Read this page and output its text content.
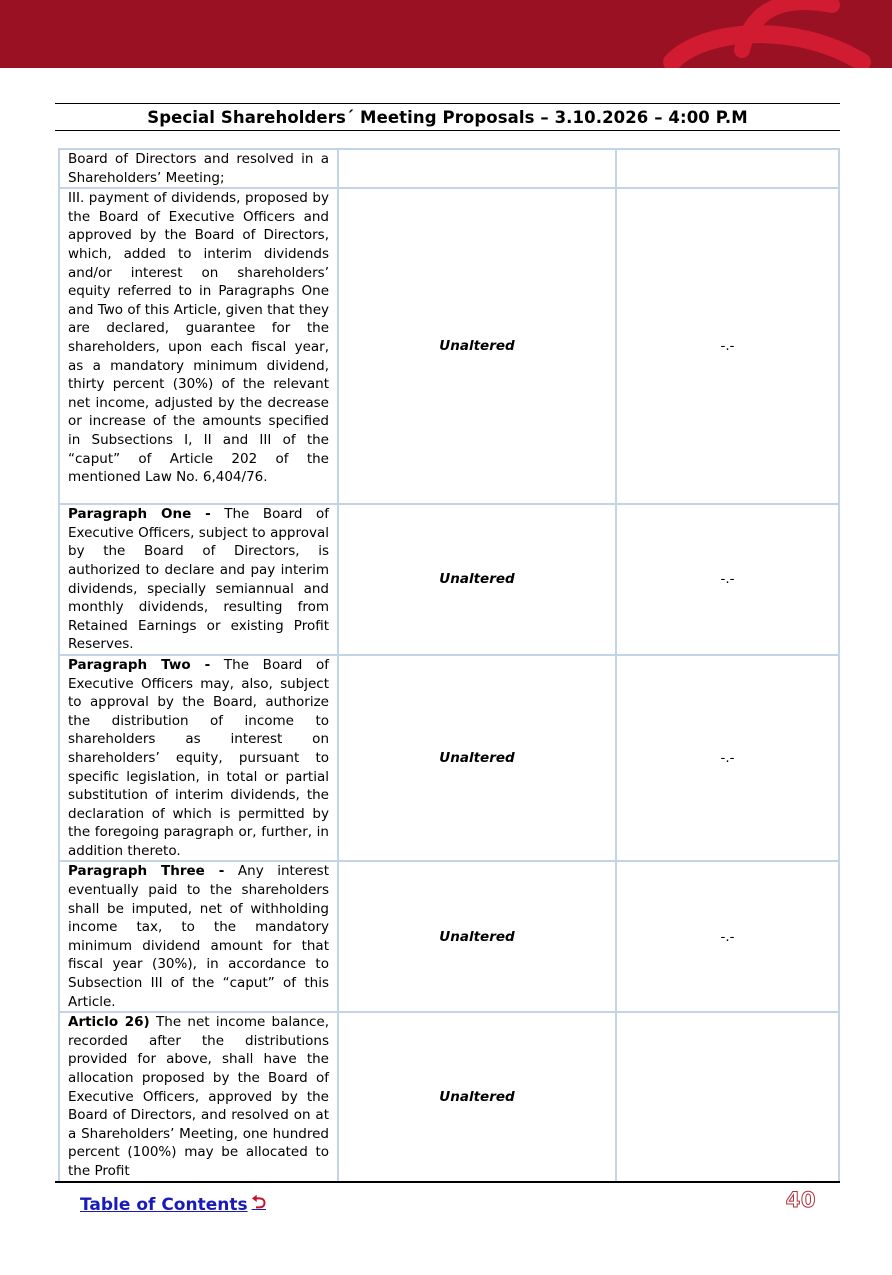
Special Shareholders´ Meeting Proposals – 3.10.2026 – 4:00 P.M
Board of Directors and resolved in a Shareholders’ Meeting;		
III. payment of dividends, proposed by the Board of Executive Officers and approved by the Board of Directors, which, added to interim dividends and/or interest on shareholders’ equity referred to in Paragraphs One and Two of this Article, given that they are declared, guarantee for the shareholders, upon each fiscal year, as a mandatory minimum dividend, thirty percent (30%) of the relevant net income, adjusted by the decrease or increase of the amounts specified in Subsections I, II and III of the “caput” of Article 202 of the mentioned Law No. 6,404/76.	Unaltered	-.-
Paragraph One - The Board of Executive Officers, subject to approval by the Board of Directors, is authorized to declare and pay interim dividends, specially semiannual and monthly dividends, resulting from Retained Earnings or existing Profit Reserves.	Unaltered	-.-
Paragraph Two - The Board of Executive Officers may, also, subject to approval by the Board, authorize the distribution of income to shareholders as interest on shareholders’ equity, pursuant to specific legislation, in total or partial substitution of interim dividends, the declaration of which is permitted by the foregoing paragraph or, further, in addition thereto.	Unaltered	-.-
Paragraph Three - Any interest eventually paid to the shareholders shall be imputed, net of withholding income tax, to the mandatory minimum dividend amount for that fiscal year (30%), in accordance to Subsection III of the “caput” of this Article.	Unaltered	-.-
Articlo 26) The net income balance, recorded after the distributions provided for above, shall have the allocation proposed by the Board of Executive Officers, approved by the Board of Directors, and resolved on at a Shareholders’ Meeting, one hundred percent (100%) may be allocated to the Profit	Unaltered	
Table of Contents ⮌	40
